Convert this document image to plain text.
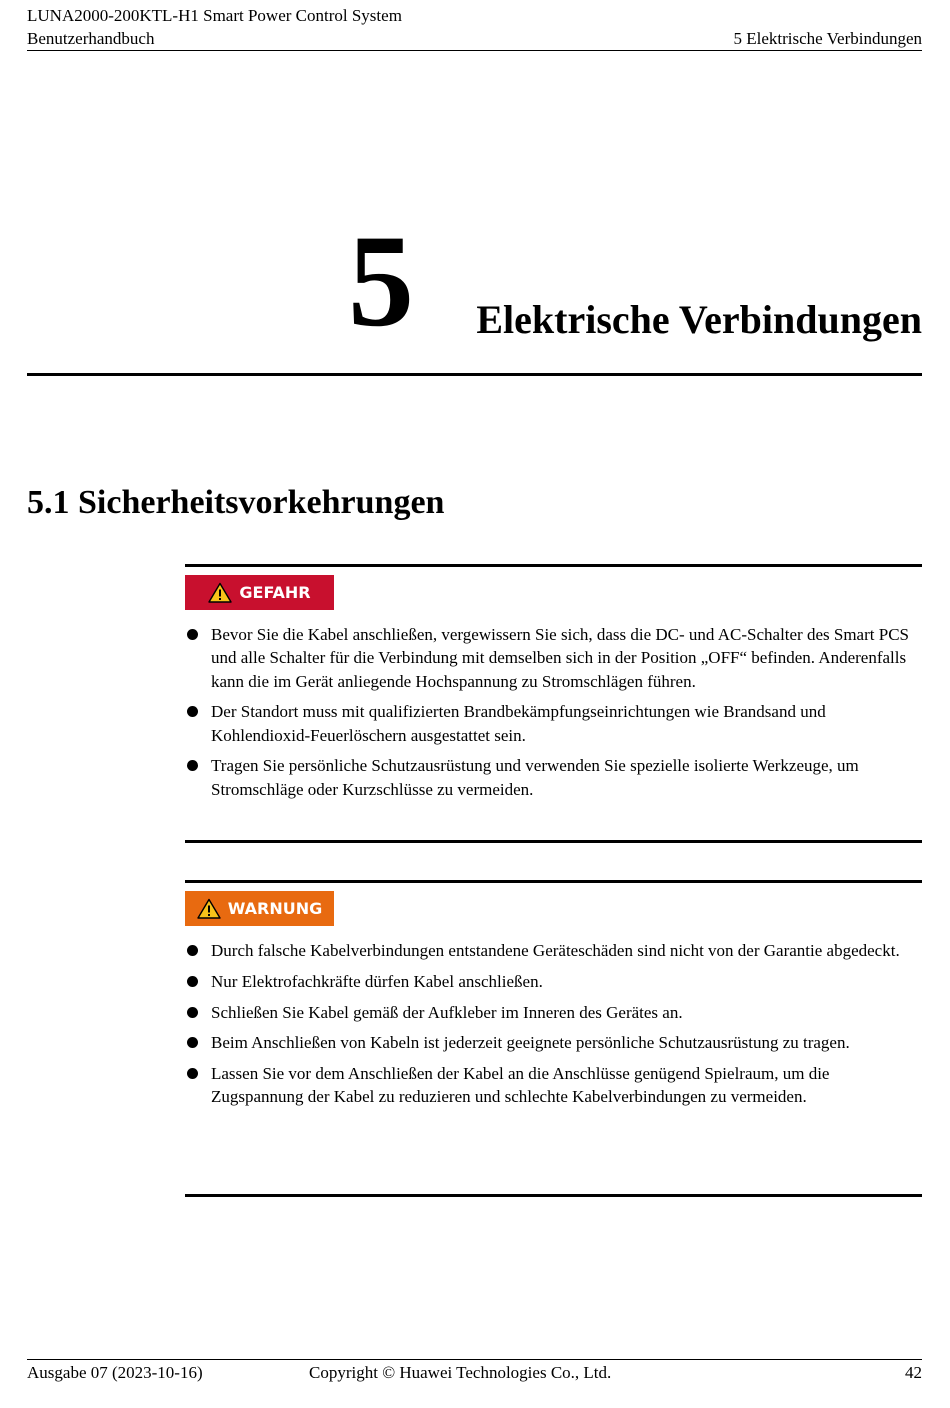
LUNA2000-200KTL-H1 Smart Power Control System
Benutzerhandbuch	5 Elektrische Verbindungen
5 Elektrische Verbindungen
5.1 Sicherheitsvorkehrungen
GEFAHR
Bevor Sie die Kabel anschließen, vergewissern Sie sich, dass die DC- und AC-Schalter des Smart PCS und alle Schalter für die Verbindung mit demselben sich in der Position „OFF“ befinden. Anderenfalls kann die im Gerät anliegende Hochspannung zu Stromschlägen führen.
Der Standort muss mit qualifizierten Brandbekämpfungseinrichtungen wie Brandsand und Kohlendioxid-Feuerlöschern ausgestattet sein.
Tragen Sie persönliche Schutzausrüstung und verwenden Sie spezielle isolierte Werkzeuge, um Stromschläge oder Kurzschlüsse zu vermeiden.
WARNUNG
Durch falsche Kabelverbindungen entstandene Geräteschäden sind nicht von der Garantie abgedeckt.
Nur Elektrofachkräfte dürfen Kabel anschließen.
Schließen Sie Kabel gemäß der Aufkleber im Inneren des Gerätes an.
Beim Anschließen von Kabeln ist jederzeit geeignete persönliche Schutzausrüstung zu tragen.
Lassen Sie vor dem Anschließen der Kabel an die Anschlüsse genügend Spielraum, um die Zugspannung der Kabel zu reduzieren und schlechte Kabelverbindungen zu vermeiden.
Ausgabe 07 (2023-10-16)	Copyright © Huawei Technologies Co., Ltd.	42
